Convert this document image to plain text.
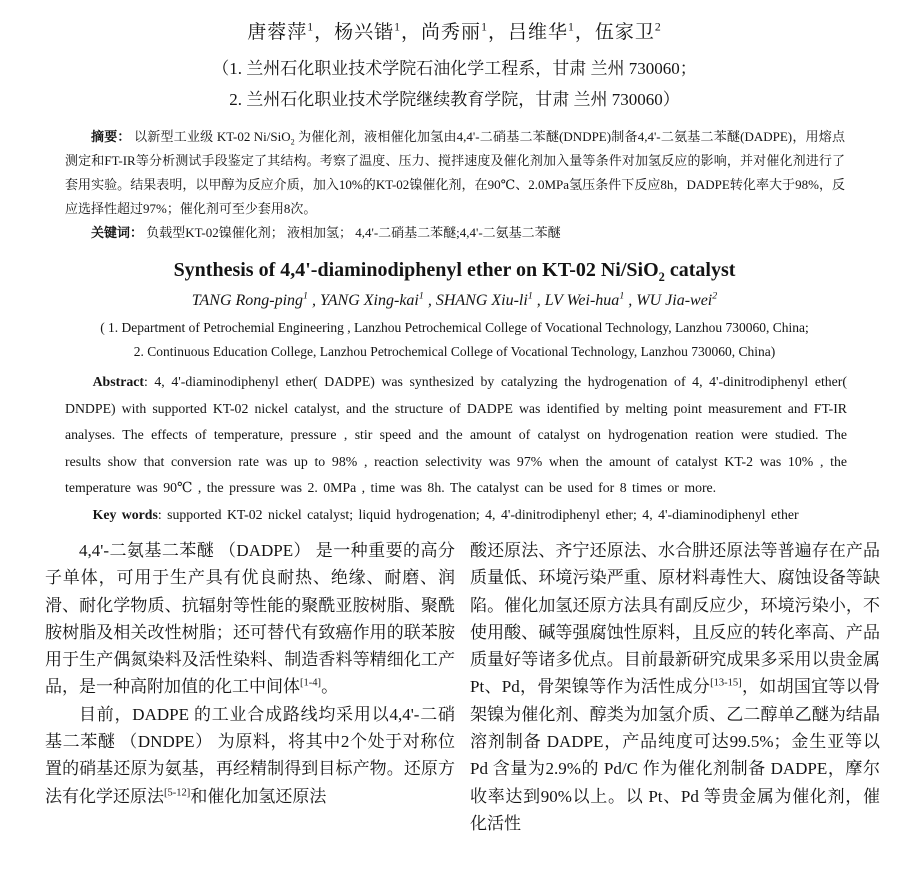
唐蓉萍$^1$，杨兴锴$^1$，尚秀丽$^1$，吕维华$^1$，伍家卫$^2$
（1. 兰州石化职业技术学院石油化学工程系，甘肃 兰州 730060；
2. 兰州石化职业技术学院继续教育学院，甘肃 兰州 730060）

摘要： 以新型工业级 KT-02 Ni/SiO$_2$ 为催化剂，液相催化加氢由4,4'-二硝基二苯醚(DNDPE)制备4,4'-二氨基二苯醚(DADPE)，用熔点测定和FT-IR等分析测试手段鉴定了其结构。考察了温度、压力、搅拌速度及催化剂加入量等条件对加氢反应的影响，并对催化剂进行了套用实验。结果表明，以甲醇为反应介质，加入10%的KT-02镍催化剂，在90℃、2.0MPa氢压条件下反应8h，DADPE转化率大于98%，反应选择性超过97%；催化剂可至少套用8次。

关键词： 负载型KT-02镍催化剂； 液相加氢； 4,4'-二硝基二苯醚;4,4'-二氨基二苯醚

Synthesis of 4,4'-diaminodiphenyl ether on KT-02 Ni/SiO$_2$ catalyst
TANG Rong-ping$^1$ , YANG Xing-kai$^1$ , SHANG Xiu-$li^1$ , LV Wei-hua$^1$ , WU Jia-wei$^2$
( 1. Department of Petrochemial Engineering , Lanzhou Petrochemical College of Vocational Technology, Lanzhou 730060, China;
2. Continuous Education College, Lanzhou Petrochemical College of Vocational Technology, Lanzhou 730060, China)

Abstract: 4, 4'-diaminodiphenyl ether( DADPE) was synthesized by catalyzing the hydrogenation of 4, 4'-dinitrodiphenyl ether( DNDPE) with supported KT-02 nickel catalyst, and the structure of DADPE was identified by melting point measurement and FT-IR analyses. The effects of temperature, pressure , stir speed and the amount of catalyst on hydrogenation reation were studied. The results show that conversion rate was up to 98% , reaction selectivity was 97% when the amount of catalyst KT-2 was 10% , the temperature was 90℃ , the pressure was 2. 0MPa , time was 8h. The catalyst can be used for 8 times or more.

Key words: supported KT-02 nickel catalyst; liquid hydrogenation; 4, 4'-dinitrodiphenyl ether; 4, 4'-diaminodiphenyl ether

4,4'-二氨基二苯醚 （DADPE） 是一种重要的高分子单体，可用于生产具有优良耐热、绝缘、耐磨、润滑、耐化学物质、抗辐射等性能的聚酰亚胺树脂、聚酰胺树脂及相关改性树脂；还可替代有致癌作用的联苯胺用于生产偶氮染料及活性染料、制造香料等精细化工产品，是一种高附加值的化工中间体[1-4]。

目前，DADPE 的工业合成路线均采用以4,4'-二硝基二苯醚 （DNDPE） 为原料，将其中2个处于对称位置的硝基还原为氨基，再经精制得到目标产物。还原方法有化学还原法[5-12]和催化加氢还原法

酸还原法、齐宁还原法、水合肼还原法等普遍存在产品质量低、环境污染严重、原材料毒性大、腐蚀设备等缺陷。催化加氢还原方法具有副反应少，环境污染小，不使用酸、碱等强腐蚀性原料，且反应的转化率高、产品质量好等诸多优点。目前最新研究成果多采用以贵金属 Pt、Pd，骨架镍等作为活性成分[13-15]，如胡国宜等以骨架镍为催化剂、醇类为加氢介质、乙二醇单乙醚为结晶溶剂制备 DADPE，产品纯度可达99.5%；金生亚等以 Pd 含量为2.9%的 Pd/C 作为催化剂制备 DADPE，摩尔收率达到90%以上。以 Pt、Pd 等贵金属为催化剂，催化活性
